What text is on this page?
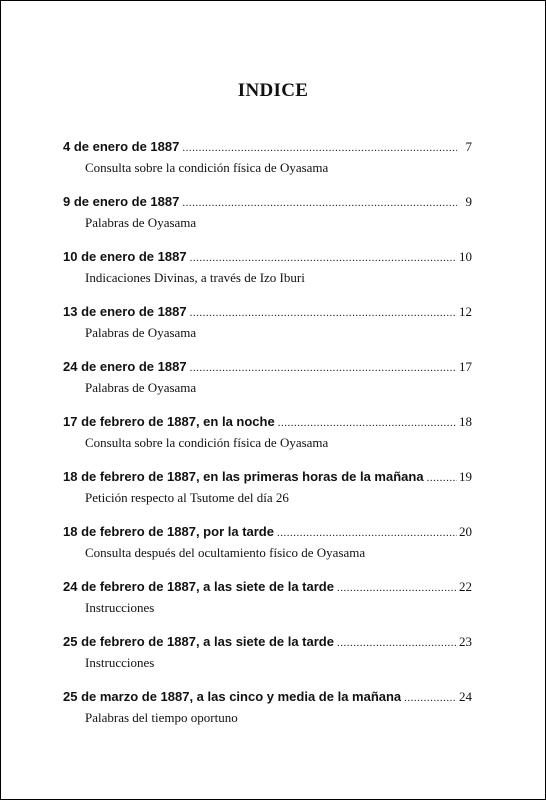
INDICE
4 de enero de 1887 .....	7
Consulta sobre la condición física de Oyasama
9 de enero de 1887 .....	9
Palabras de Oyasama
10 de enero de 1887 .....	10
Indicaciones Divinas, a través de Izo Iburi
13 de enero de 1887 .....	12
Palabras de Oyasama
24 de enero de 1887 .....	17
Palabras de Oyasama
17 de febrero de 1887, en la noche .....	18
Consulta sobre la condición física de Oyasama
18 de febrero de 1887, en las primeras horas de la mañana .....	19
Petición respecto al Tsutome del día 26
18 de febrero de 1887, por la tarde .....	20
Consulta después del ocultamiento físico de Oyasama
24 de febrero de 1887, a las siete de la tarde .....	22
Instrucciones
25 de febrero de 1887, a las siete de la tarde .....	23
Instrucciones
25 de marzo de 1887, a las cinco y media de la mañana .....	24
Palabras del tiempo oportuno
